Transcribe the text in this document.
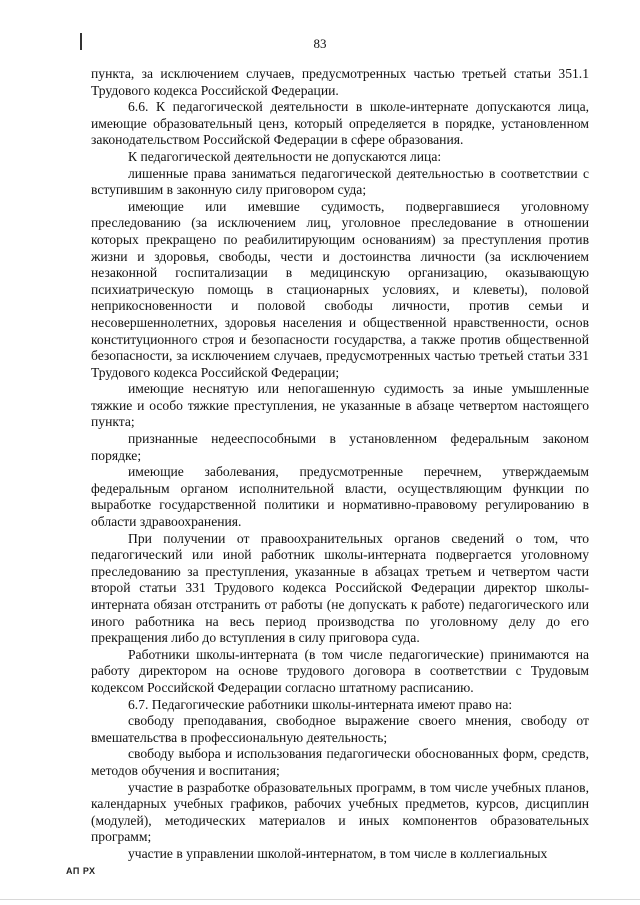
83

пункта, за исключением случаев, предусмотренных частью третьей статьи 351.1 Трудового кодекса Российской Федерации.

6.6. К педагогической деятельности в школе-интернате допускаются лица, имеющие образовательный ценз, который определяется в порядке, установленном законодательством Российской Федерации в сфере образования.

К педагогической деятельности не допускаются лица:

лишенные права заниматься педагогической деятельностью в соответствии с вступившим в законную силу приговором суда;

имеющие или имевшие судимость, подвергавшиеся уголовному преследованию (за исключением лиц, уголовное преследование в отношении которых прекращено по реабилитирующим основаниям) за преступления против жизни и здоровья, свободы, чести и достоинства личности (за исключением незаконной госпитализации в медицинскую организацию, оказывающую психиатрическую помощь в стационарных условиях, и клеветы), половой неприкосновенности и половой свободы личности, против семьи и несовершеннолетних, здоровья населения и общественной нравственности, основ конституционного строя и безопасности государства, а также против общественной безопасности, за исключением случаев, предусмотренных частью третьей статьи 331 Трудового кодекса Российской Федерации;

имеющие неснятую или непогашенную судимость за иные умышленные тяжкие и особо тяжкие преступления, не указанные в абзаце четвертом настоящего пункта;

признанные недееспособными в установленном федеральным законом порядке;

имеющие заболевания, предусмотренные перечнем, утверждаемым федеральным органом исполнительной власти, осуществляющим функции по выработке государственной политики и нормативно-правовому регулированию в области здравоохранения.

При получении от правоохранительных органов сведений о том, что педагогический или иной работник школы-интерната подвергается уголовному преследованию за преступления, указанные в абзацах третьем и четвертом части второй статьи 331 Трудового кодекса Российской Федерации директор школы-интерната обязан отстранить от работы (не допускать к работе) педагогического или иного работника на весь период производства по уголовному делу до его прекращения либо до вступления в силу приговора суда.

Работники школы-интерната (в том числе педагогические) принимаются на работу директором на основе трудового договора в соответствии с Трудовым кодексом Российской Федерации согласно штатному расписанию.

6.7. Педагогические работники школы-интерната имеют право на:

свободу преподавания, свободное выражение своего мнения, свободу от вмешательства в профессиональную деятельность;

свободу выбора и использования педагогически обоснованных форм, средств, методов обучения и воспитания;

участие в разработке образовательных программ, в том числе учебных планов, календарных учебных графиков, рабочих учебных предметов, курсов, дисциплин (модулей), методических материалов и иных компонентов образовательных программ;

участие в управлении школой-интернатом, в том числе в коллегиальных

АП РХ
